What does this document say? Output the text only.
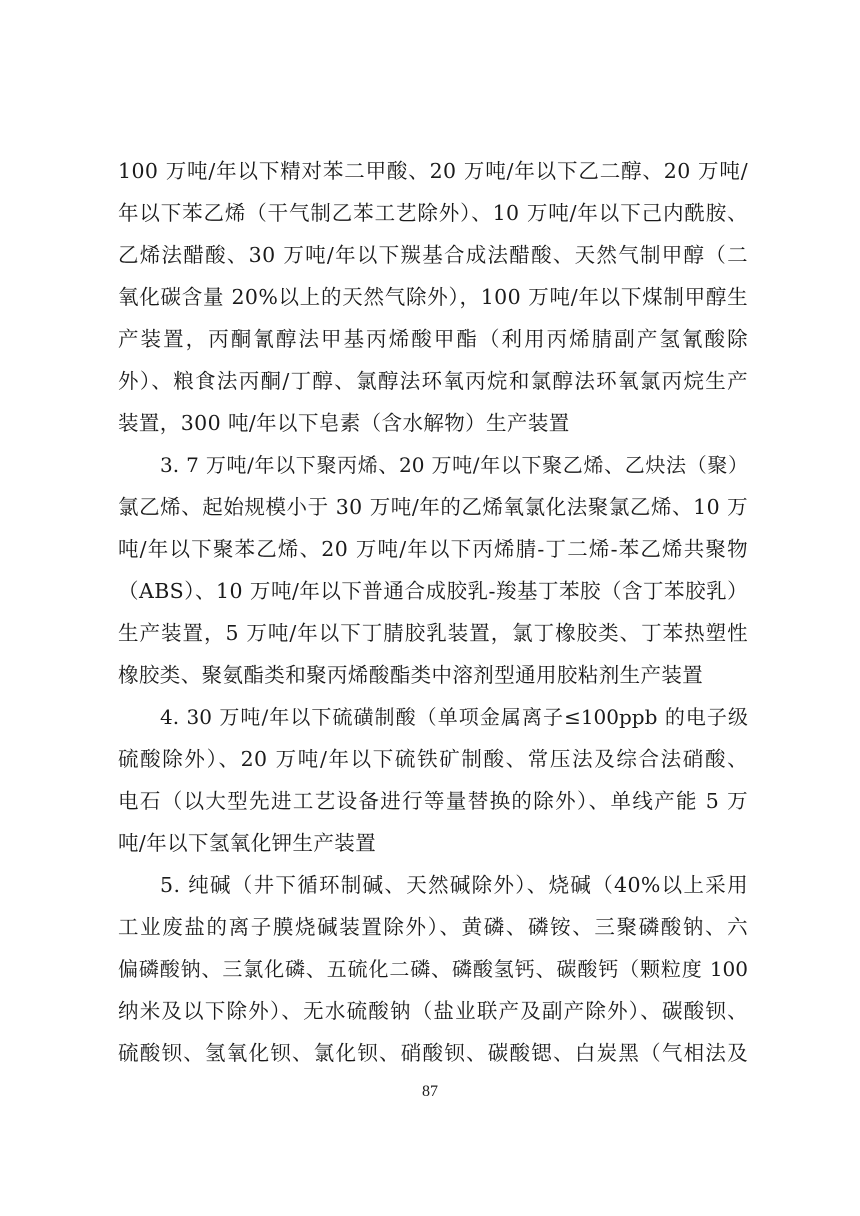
100 万吨/年以下精对苯二甲酸、20 万吨/年以下乙二醇、20 万吨/
年以下苯乙烯（干气制乙苯工艺除外）、10 万吨/年以下己内酰胺、
乙烯法醋酸、30 万吨/年以下羰基合成法醋酸、天然气制甲醇（二
氧化碳含量 20%以上的天然气除外），100 万吨/年以下煤制甲醇生
产装置，丙酮氰醇法甲基丙烯酸甲酯（利用丙烯腈副产氢氰酸除
外）、粮食法丙酮/丁醇、氯醇法环氧丙烷和氯醇法环氧氯丙烷生产
装置，300 吨/年以下皂素（含水解物）生产装置
3. 7 万吨/年以下聚丙烯、20 万吨/年以下聚乙烯、乙炔法（聚）
氯乙烯、起始规模小于 30 万吨/年的乙烯氧氯化法聚氯乙烯、10 万
吨/年以下聚苯乙烯、20 万吨/年以下丙烯腈-丁二烯-苯乙烯共聚物
（ABS）、10 万吨/年以下普通合成胶乳-羧基丁苯胶（含丁苯胶乳）
生产装置，5 万吨/年以下丁腈胶乳装置，氯丁橡胶类、丁苯热塑性
橡胶类、聚氨酯类和聚丙烯酸酯类中溶剂型通用胶粘剂生产装置
4. 30 万吨/年以下硫磺制酸（单项金属离子≤100ppb 的电子级
硫酸除外）、20 万吨/年以下硫铁矿制酸、常压法及综合法硝酸、
电石（以大型先进工艺设备进行等量替换的除外）、单线产能 5 万
吨/年以下氢氧化钾生产装置
5. 纯碱（井下循环制碱、天然碱除外）、烧碱（40%以上采用
工业废盐的离子膜烧碱装置除外）、黄磷、磷铵、三聚磷酸钠、六
偏磷酸钠、三氯化磷、五硫化二磷、磷酸氢钙、碳酸钙（颗粒度 100
纳米及以下除外）、无水硫酸钠（盐业联产及副产除外）、碳酸钡、
硫酸钡、氢氧化钡、氯化钡、硝酸钡、碳酸锶、白炭黑（气相法及
87
